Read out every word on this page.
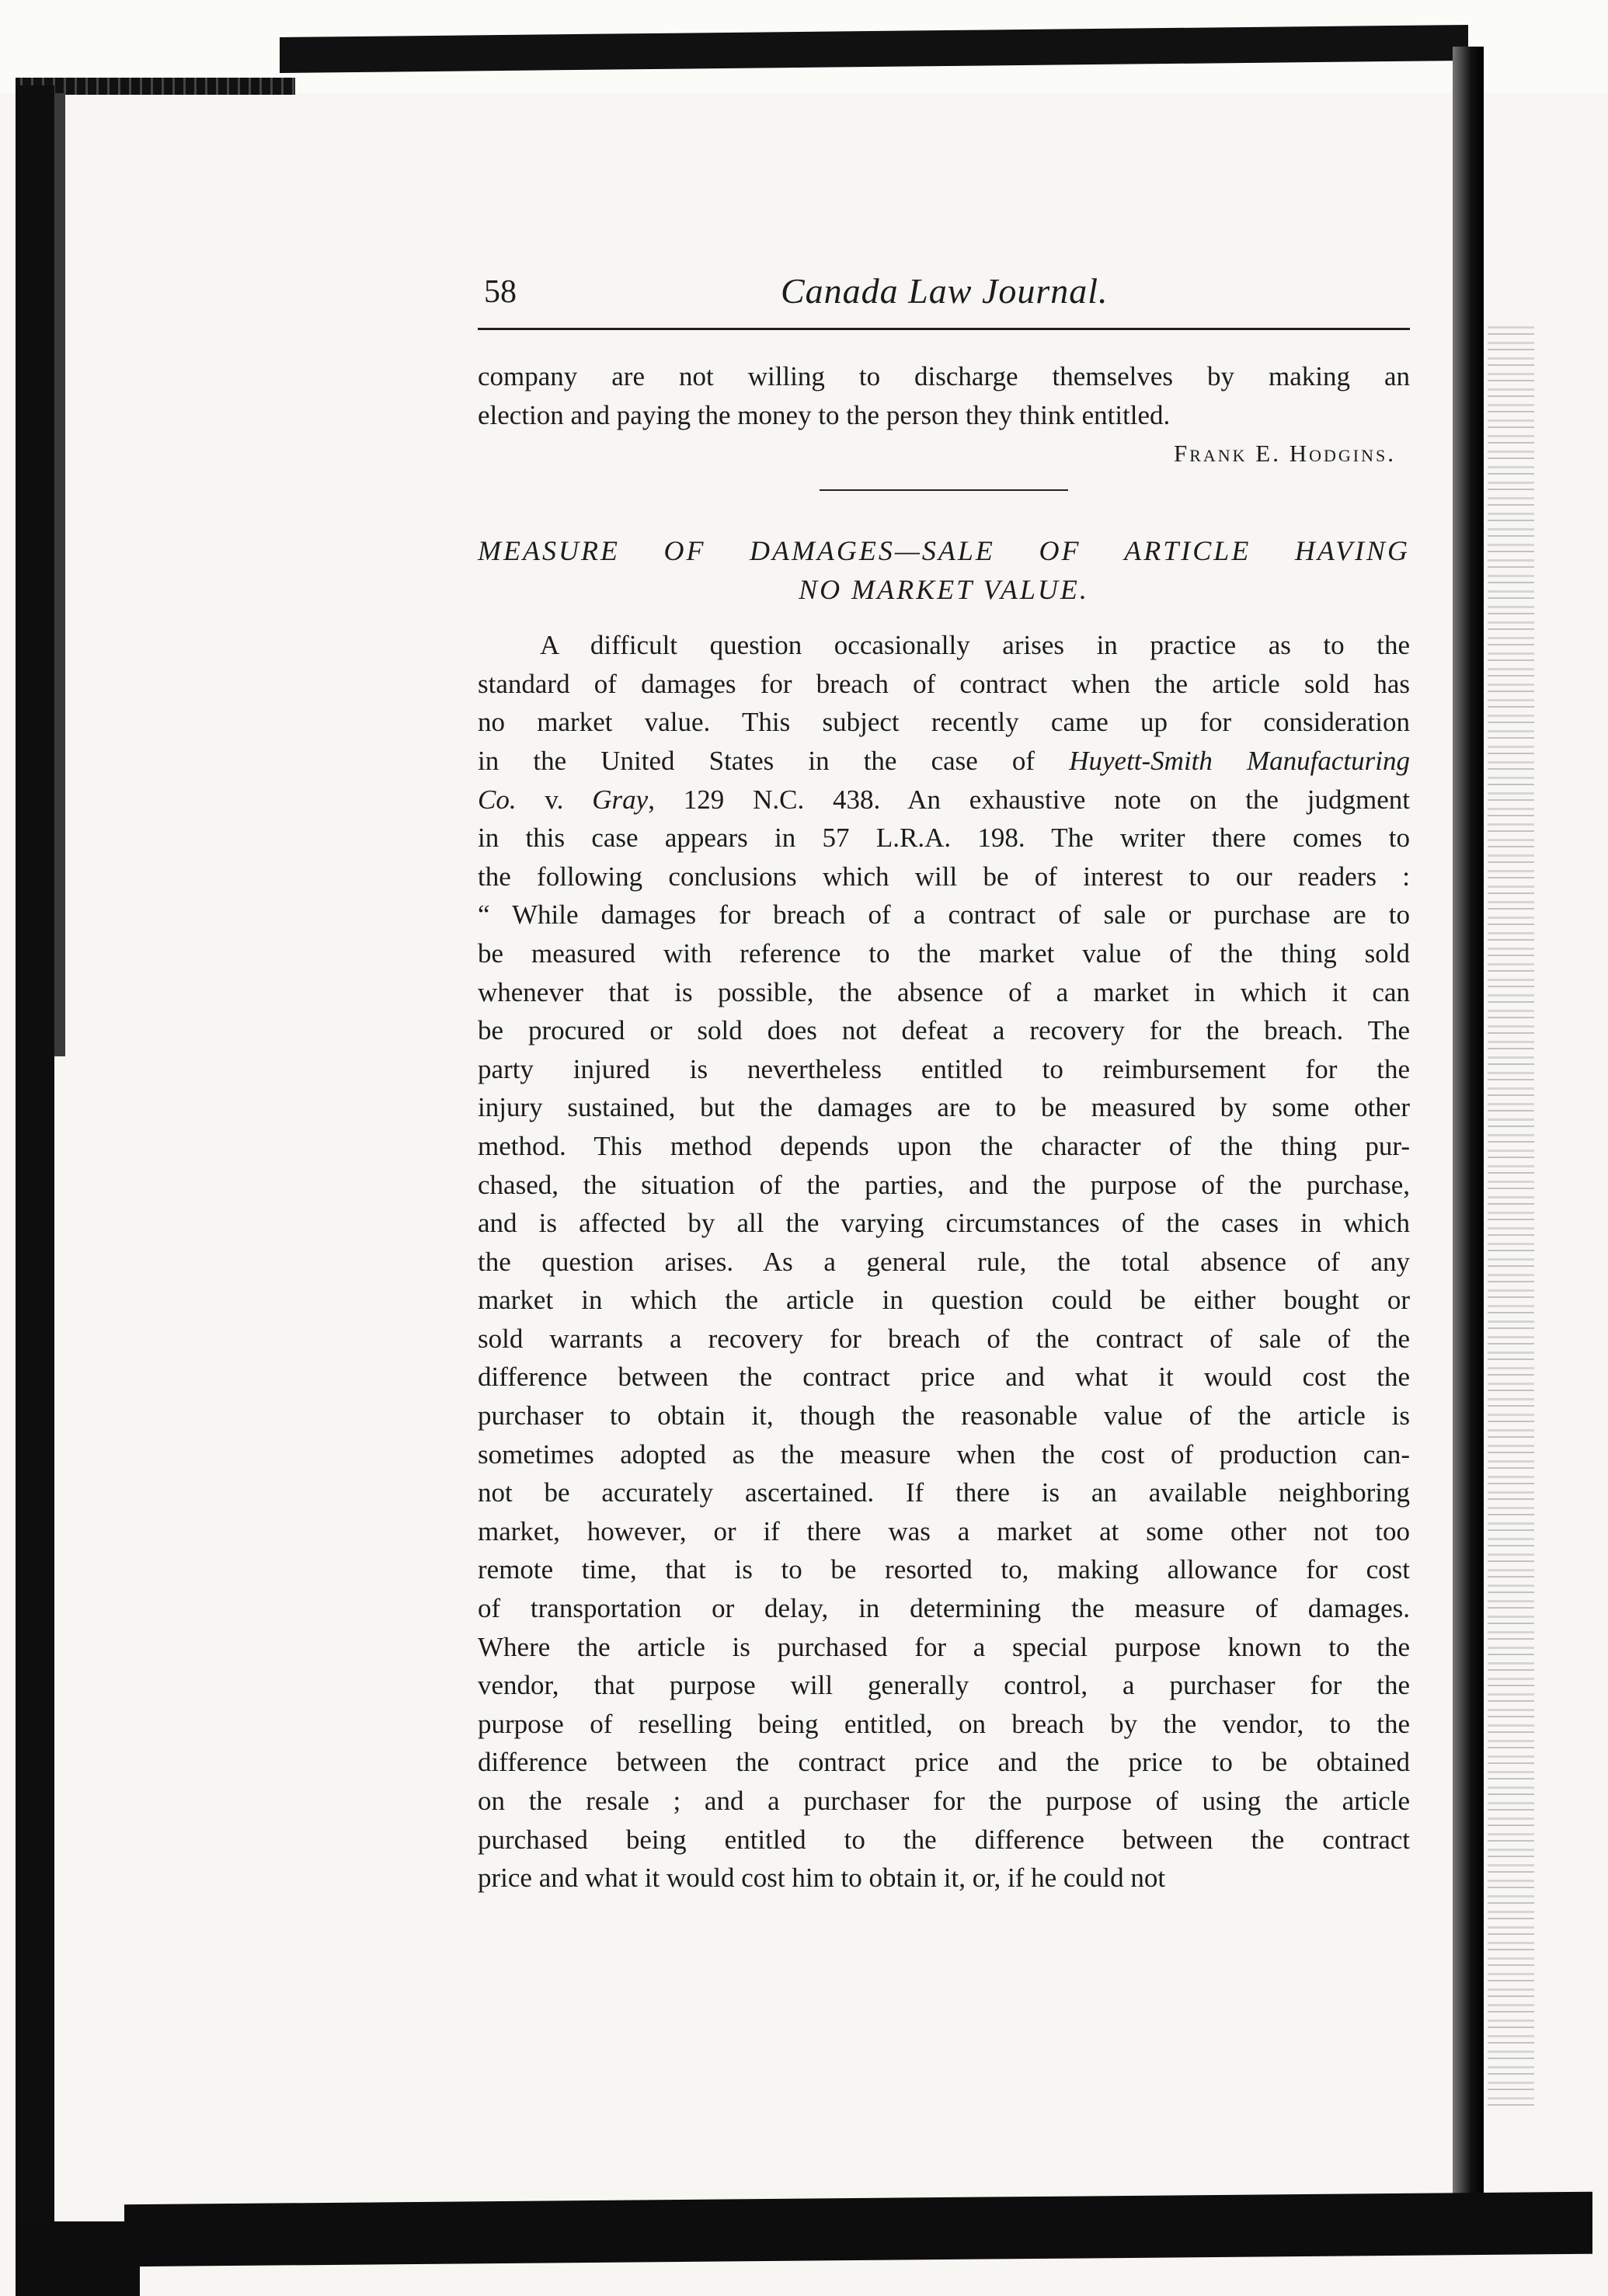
58	Canada Law Journal.
company are not willing to discharge themselves by making an
election and paying the money to the person they think entitled.
Frank E. Hodgins.
MEASURE OF DAMAGES—SALE OF ARTICLE HAVING
NO MARKET VALUE.
A difficult question occasionally arises in practice as to the
standard of damages for breach of contract when the article sold has
no market value. This subject recently came up for consideration
in the United States in the case of Huyett-Smith Manufacturing
Co. v. Gray, 129 N.C. 438. An exhaustive note on the judgment
in this case appears in 57 L.R.A. 198. The writer there comes to
the following conclusions which will be of interest to our readers :
“ While damages for breach of a contract of sale or purchase are to
be measured with reference to the market value of the thing sold
whenever that is possible, the absence of a market in which it can
be procured or sold does not defeat a recovery for the breach. The
party injured is nevertheless entitled to reimbursement for the
injury sustained, but the damages are to be measured by some other
method. This method depends upon the character of the thing pur-
chased, the situation of the parties, and the purpose of the purchase,
and is affected by all the varying circumstances of the cases in which
the question arises. As a general rule, the total absence of any
market in which the article in question could be either bought or
sold warrants a recovery for breach of the contract of sale of the
difference between the contract price and what it would cost the
purchaser to obtain it, though the reasonable value of the article is
sometimes adopted as the measure when the cost of production can-
not be accurately ascertained. If there is an available neighboring
market, however, or if there was a market at some other not too
remote time, that is to be resorted to, making allowance for cost
of transportation or delay, in determining the measure of damages.
Where the article is purchased for a special purpose known to the
vendor, that purpose will generally control, a purchaser for the
purpose of reselling being entitled, on breach by the vendor, to the
difference between the contract price and the price to be obtained
on the resale ; and a purchaser for the purpose of using the article
purchased being entitled to the difference between the contract
price and what it would cost him to obtain it, or, if he could not
